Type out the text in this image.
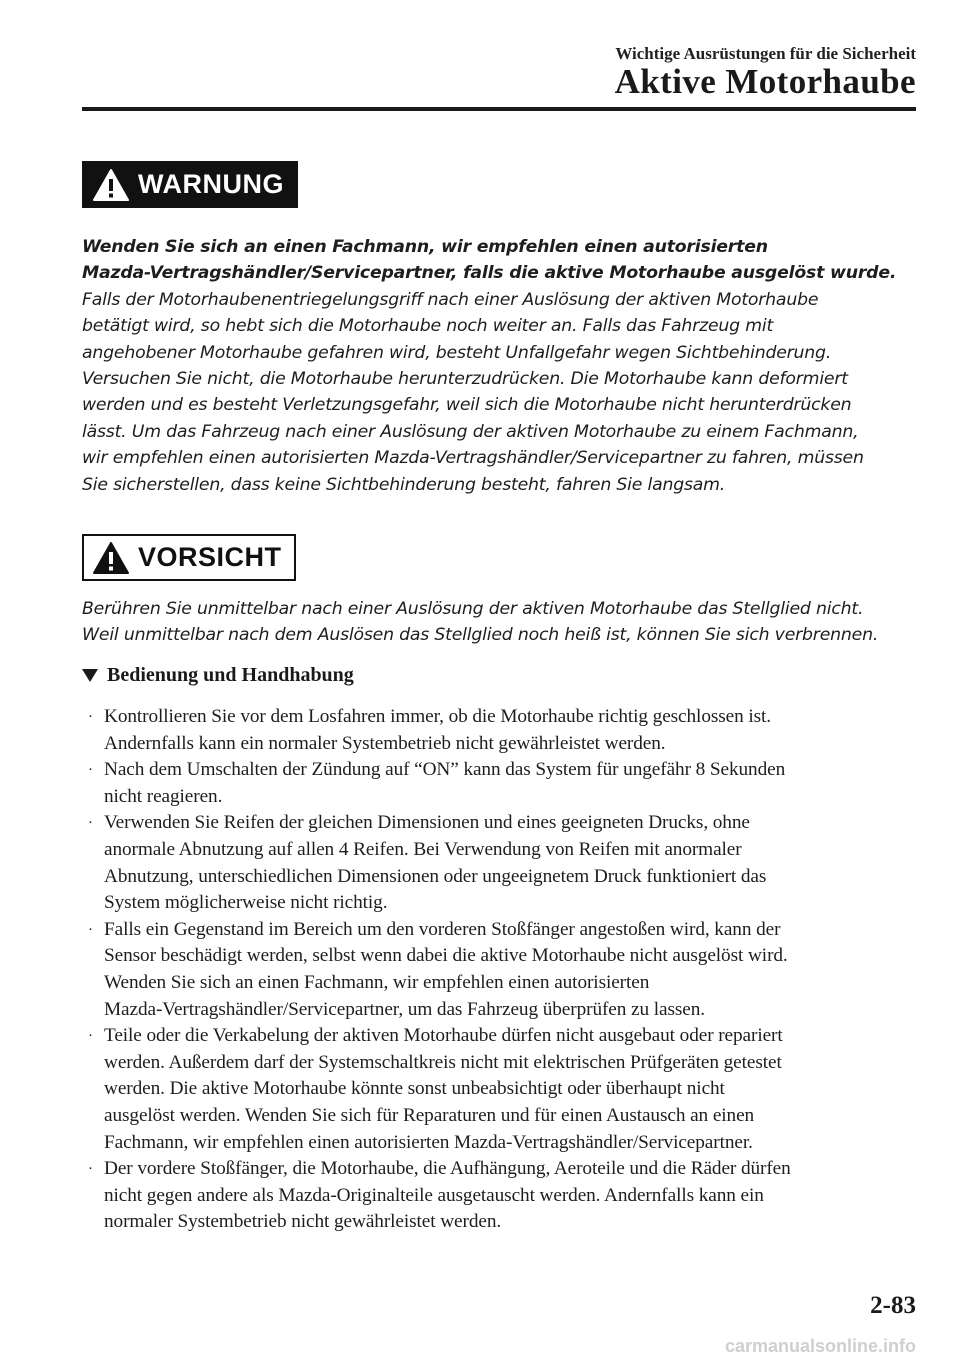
Wichtige Ausrüstungen für die Sicherheit
Aktive Motorhaube
WARNUNG
Wenden Sie sich an einen Fachmann, wir empfehlen einen autorisierten
Mazda-Vertragshändler/Servicepartner, falls die aktive Motorhaube ausgelöst wurde.
Falls der Motorhaubenentriegelungsgriff nach einer Auslösung der aktiven Motorhaube
betätigt wird, so hebt sich die Motorhaube noch weiter an. Falls das Fahrzeug mit
angehobener Motorhaube gefahren wird, besteht Unfallgefahr wegen Sichtbehinderung.
Versuchen Sie nicht, die Motorhaube herunterzudrücken. Die Motorhaube kann deformiert
werden und es besteht Verletzungsgefahr, weil sich die Motorhaube nicht herunterdrücken
lässt. Um das Fahrzeug nach einer Auslösung der aktiven Motorhaube zu einem Fachmann,
wir empfehlen einen autorisierten Mazda-Vertragshändler/Servicepartner zu fahren, müssen
Sie sicherstellen, dass keine Sichtbehinderung besteht, fahren Sie langsam.
VORSICHT
Berühren Sie unmittelbar nach einer Auslösung der aktiven Motorhaube das Stellglied nicht.
Weil unmittelbar nach dem Auslösen das Stellglied noch heiß ist, können Sie sich verbrennen.
Bedienung und Handhabung
· Kontrollieren Sie vor dem Losfahren immer, ob die Motorhaube richtig geschlossen ist.
Andernfalls kann ein normaler Systembetrieb nicht gewährleistet werden.
· Nach dem Umschalten der Zündung auf “ON” kann das System für ungefähr 8 Sekunden
nicht reagieren.
· Verwenden Sie Reifen der gleichen Dimensionen und eines geeigneten Drucks, ohne
anormale Abnutzung auf allen 4 Reifen. Bei Verwendung von Reifen mit anormaler
Abnutzung, unterschiedlichen Dimensionen oder ungeeignetem Druck funktioniert das
System möglicherweise nicht richtig.
· Falls ein Gegenstand im Bereich um den vorderen Stoßfänger angestoßen wird, kann der
Sensor beschädigt werden, selbst wenn dabei die aktive Motorhaube nicht ausgelöst wird.
Wenden Sie sich an einen Fachmann, wir empfehlen einen autorisierten
Mazda-Vertragshändler/Servicepartner, um das Fahrzeug überprüfen zu lassen.
· Teile oder die Verkabelung der aktiven Motorhaube dürfen nicht ausgebaut oder repariert
werden. Außerdem darf der Systemschaltkreis nicht mit elektrischen Prüfgeräten getestet
werden. Die aktive Motorhaube könnte sonst unbeabsichtigt oder überhaupt nicht
ausgelöst werden. Wenden Sie sich für Reparaturen und für einen Austausch an einen
Fachmann, wir empfehlen einen autorisierten Mazda-Vertragshändler/Servicepartner.
· Der vordere Stoßfänger, die Motorhaube, die Aufhängung, Aeroteile und die Räder dürfen
nicht gegen andere als Mazda-Originalteile ausgetauscht werden. Andernfalls kann ein
normaler Systembetrieb nicht gewährleistet werden.
2-83
carmanualsonline.info
